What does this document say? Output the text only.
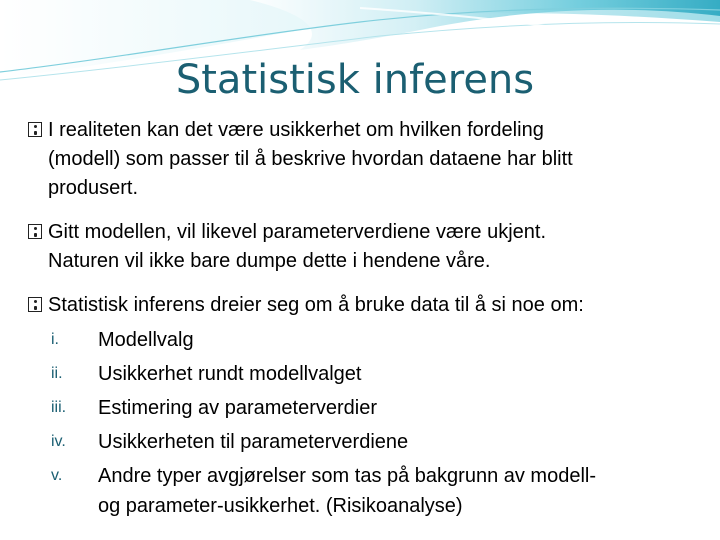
Statistisk inferens
I realiteten kan det være usikkerhet om hvilken fordeling
(modell) som passer til å beskrive hvordan dataene har blitt
produsert.
Gitt modellen, vil likevel parameterverdiene være ukjent.
Naturen vil ikke bare dumpe dette i hendene våre.
Statistisk inferens dreier seg om å bruke data til å si noe om:
i. Modellvalg
ii. Usikkerhet rundt modellvalget
iii. Estimering av parameterverdier
iv. Usikkerheten til parameterverdiene
v. Andre typer avgjørelser som tas på bakgrunn av modell-
og parameter-usikkerhet. (Risikoanalyse)
